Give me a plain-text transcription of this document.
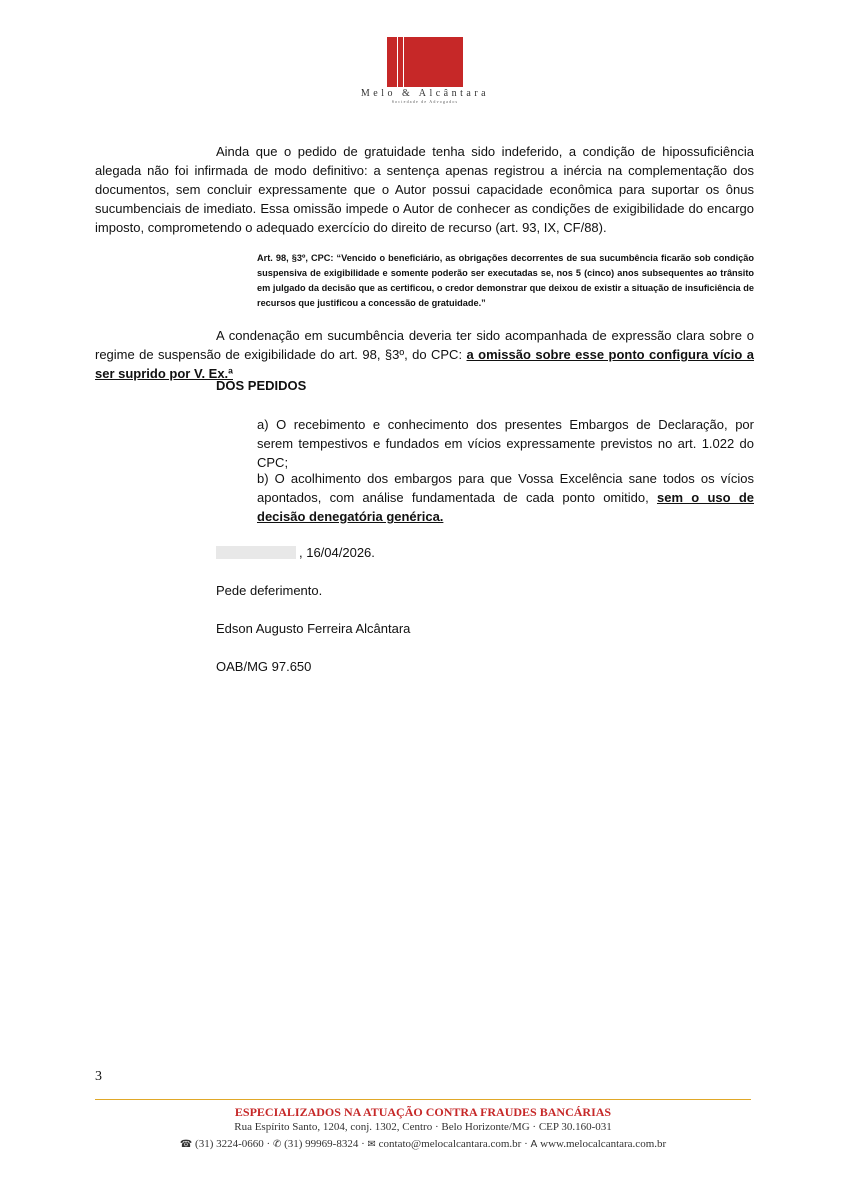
Melo & Alcântara
Sociedade de Advogados
Ainda que o pedido de gratuidade tenha sido indeferido, a condição de hipossuficiência alegada não foi infirmada de modo definitivo: a sentença apenas registrou a inércia na complementação dos documentos, sem concluir expressamente que o Autor possui capacidade econômica para suportar os ônus sucumbenciais de imediato. Essa omissão impede o Autor de conhecer as condições de exigibilidade do encargo imposto, comprometendo o adequado exercício do direito de recurso (art. 93, IX, CF/88).
Art. 98, §3º, CPC: “Vencido o beneficiário, as obrigações decorrentes de sua sucumbência ficarão sob condição suspensiva de exigibilidade e somente poderão ser executadas se, nos 5 (cinco) anos subsequentes ao trânsito em julgado da decisão que as certificou, o credor demonstrar que deixou de existir a situação de insuficiência de recursos que justificou a concessão de gratuidade.”
A condenação em sucumbência deveria ter sido acompanhada de expressão clara sobre o regime de suspensão de exigibilidade do art. 98, §3º, do CPC: a omissão sobre esse ponto configura vício a ser suprido por V. Ex.ª
DOS PEDIDOS
a) O recebimento e conhecimento dos presentes Embargos de Declaração, por serem tempestivos e fundados em vícios expressamente previstos no art. 1.022 do CPC;
b) O acolhimento dos embargos para que Vossa Excelência sane todos os vícios apontados, com análise fundamentada de cada ponto omitido, sem o uso de decisão denegatória genérica.
, 16/04/2026.
Pede deferimento.
Edson Augusto Ferreira Alcântara
OAB/MG 97.650
3
ESPECIALIZADOS NA ATUAÇÃO CONTRA FRAUDES BANCÁRIAS
Rua Espírito Santo, 1204, conj. 1302, Centro · Belo Horizonte/MG · CEP 30.160-031
☎ (31) 3224-0660 · ✆ (31) 99969-8324 · ✉ contato@melocalcantara.com.br · A www.melocalcantara.com.br
